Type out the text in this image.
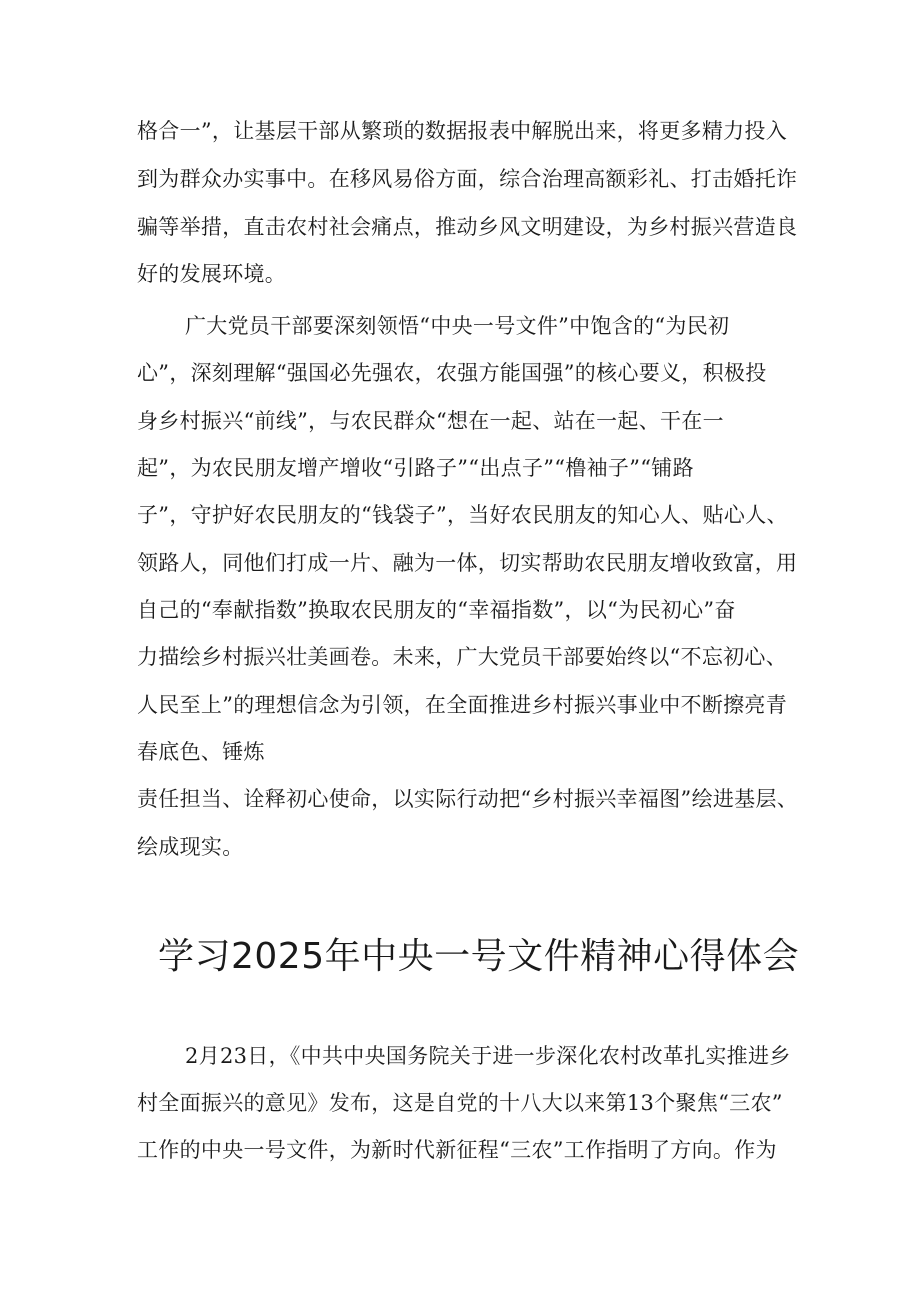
格合一”，让基层干部从繁琐的数据报表中解脱出来，将更多精力投入
到为群众办实事中。在移风易俗方面，综合治理高额彩礼、打击婚托诈
骗等举措，直击农村社会痛点，推动乡风文明建设，为乡村振兴营造良
好的发展环境。
广大党员干部要深刻领悟“中央一号文件”中饱含的“为民初
心”，深刻理解“强国必先强农，农强方能国强”的核心要义，积极投
身乡村振兴“前线”，与农民群众“想在一起、站在一起、干在一
起”，为农民朋友增产增收“引路子”“出点子”“橹袖子”“铺路
子”，守护好农民朋友的“钱袋子”，当好农民朋友的知心人、贴心人、
领路人，同他们打成一片、融为一体，切实帮助农民朋友增收致富，用
自己的“奉献指数”换取农民朋友的“幸福指数”，以“为民初心”奋
力描绘乡村振兴壮美画卷。未来，广大党员干部要始终以“不忘初心、
人民至上”的理想信念为引领，在全面推进乡村振兴事业中不断擦亮青
春底色、锤炼
责任担当、诠释初心使命，以实际行动把“乡村振兴幸福图”绘进基层、
绘成现实。
学习2025年中央一号文件精神心得体会
2月23日，《中共中央国务院关于进一步深化农村改革扎实推进乡
村全面振兴的意见》发布，这是自党的十八大以来第13个聚焦“三农”
工作的中央一号文件，为新时代新征程“三农”工作指明了方向。作为
